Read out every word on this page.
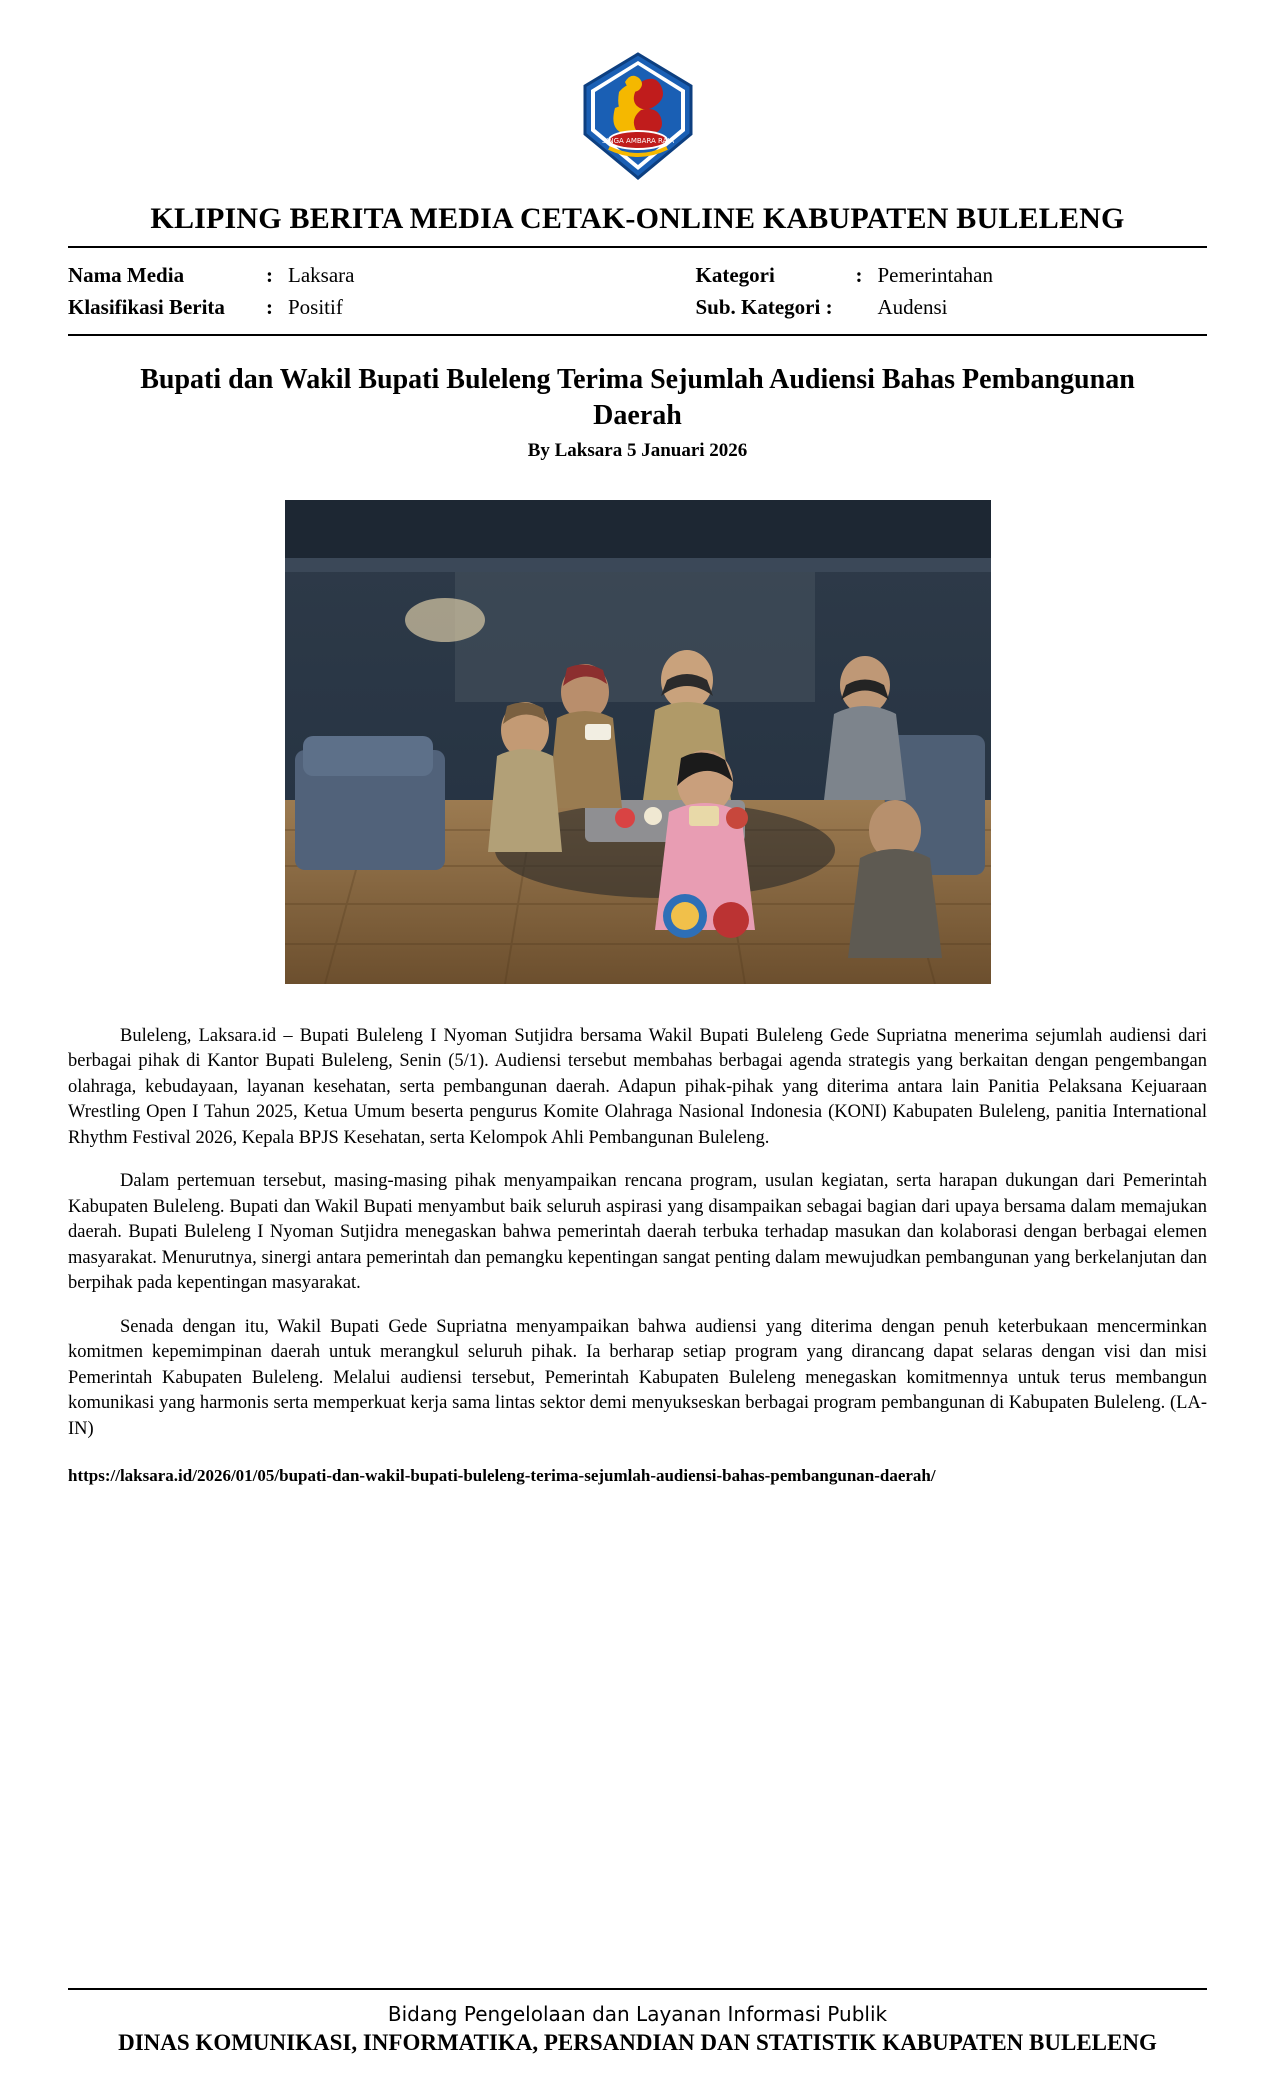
SINGA AMBARA RAJA
KLIPING BERITA MEDIA CETAK-ONLINE KABUPATEN BULELENG
Nama Media	: Laksara	Kategori	: Pemerintahan
Klasifikasi Berita	: Positif	Sub. Kategori :	Audensi
Bupati dan Wakil Bupati Buleleng Terima Sejumlah Audiensi Bahas Pembangunan Daerah
By Laksara 5 Januari 2026

Buleleng, Laksara.id – Bupati Buleleng I Nyoman Sutjidra bersama Wakil Bupati Buleleng Gede Supriatna menerima sejumlah audiensi dari berbagai pihak di Kantor Bupati Buleleng, Senin (5/1). Audiensi tersebut membahas berbagai agenda strategis yang berkaitan dengan pengembangan olahraga, kebudayaan, layanan kesehatan, serta pembangunan daerah. Adapun pihak-pihak yang diterima antara lain Panitia Pelaksana Kejuaraan Wrestling Open I Tahun 2025, Ketua Umum beserta pengurus Komite Olahraga Nasional Indonesia (KONI) Kabupaten Buleleng, panitia International Rhythm Festival 2026, Kepala BPJS Kesehatan, serta Kelompok Ahli Pembangunan Buleleng.

Dalam pertemuan tersebut, masing-masing pihak menyampaikan rencana program, usulan kegiatan, serta harapan dukungan dari Pemerintah Kabupaten Buleleng. Bupati dan Wakil Bupati menyambut baik seluruh aspirasi yang disampaikan sebagai bagian dari upaya bersama dalam memajukan daerah. Bupati Buleleng I Nyoman Sutjidra menegaskan bahwa pemerintah daerah terbuka terhadap masukan dan kolaborasi dengan berbagai elemen masyarakat. Menurutnya, sinergi antara pemerintah dan pemangku kepentingan sangat penting dalam mewujudkan pembangunan yang berkelanjutan dan berpihak pada kepentingan masyarakat.

Senada dengan itu, Wakil Bupati Gede Supriatna menyampaikan bahwa audiensi yang diterima dengan penuh keterbukaan mencerminkan komitmen kepemimpinan daerah untuk merangkul seluruh pihak. Ia berharap setiap program yang dirancang dapat selaras dengan visi dan misi Pemerintah Kabupaten Buleleng. Melalui audiensi tersebut, Pemerintah Kabupaten Buleleng menegaskan komitmennya untuk terus membangun komunikasi yang harmonis serta memperkuat kerja sama lintas sektor demi menyukseskan berbagai program pembangunan di Kabupaten Buleleng. (LA-IN)

https://laksara.id/2026/01/05/bupati-dan-wakil-bupati-buleleng-terima-sejumlah-audiensi-bahas-pembangunan-daerah/
Bidang Pengelolaan dan Layanan Informasi Publik
DINAS KOMUNIKASI, INFORMATIKA, PERSANDIAN DAN STATISTIK KABUPATEN BULELENG
